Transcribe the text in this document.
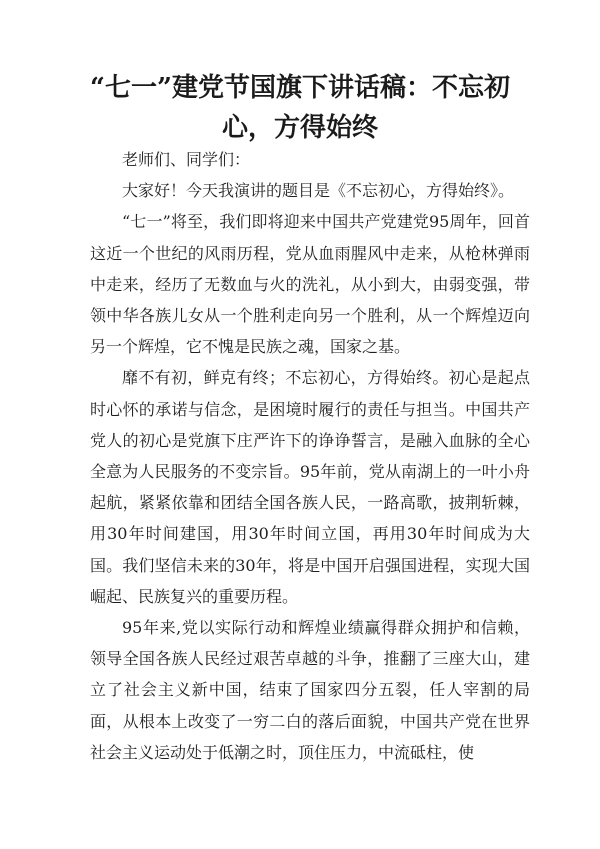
“七一”建党节国旗下讲话稿：不忘初心，方得始终

老师们、同学们：

大家好！今天我演讲的题目是《不忘初心，方得始终》。

“七一”将至，我们即将迎来中国共产党建党95周年，回首这近一个世纪的风雨历程，党从血雨腥风中走来，从枪林弹雨中走来，经历了无数血与火的洗礼，从小到大，由弱变强，带领中华各族儿女从一个胜利走向另一个胜利，从一个辉煌迈向另一个辉煌，它不愧是民族之魂，国家之基。

靡不有初，鲜克有终；不忘初心，方得始终。初心是起点时心怀的承诺与信念，是困境时履行的责任与担当。中国共产党人的初心是党旗下庄严许下的诤诤誓言，是融入血脉的全心全意为人民服务的不变宗旨。95年前，党从南湖上的一叶小舟起航，紧紧依靠和团结全国各族人民，一路高歌，披荆斩棘，用30年时间建国，用30年时间立国，再用30年时间成为大国。我们坚信未来的30年，将是中国开启强国进程，实现大国崛起、民族复兴的重要历程。

95年来,党以实际行动和辉煌业绩赢得群众拥护和信赖，领导全国各族人民经过艰苦卓越的斗争，推翻了三座大山，建立了社会主义新中国，结束了国家四分五裂，任人宰割的局面，从根本上改变了一穷二白的落后面貌，中国共产党在世界社会主义运动处于低潮之时，顶住压力，中流砥柱，使
